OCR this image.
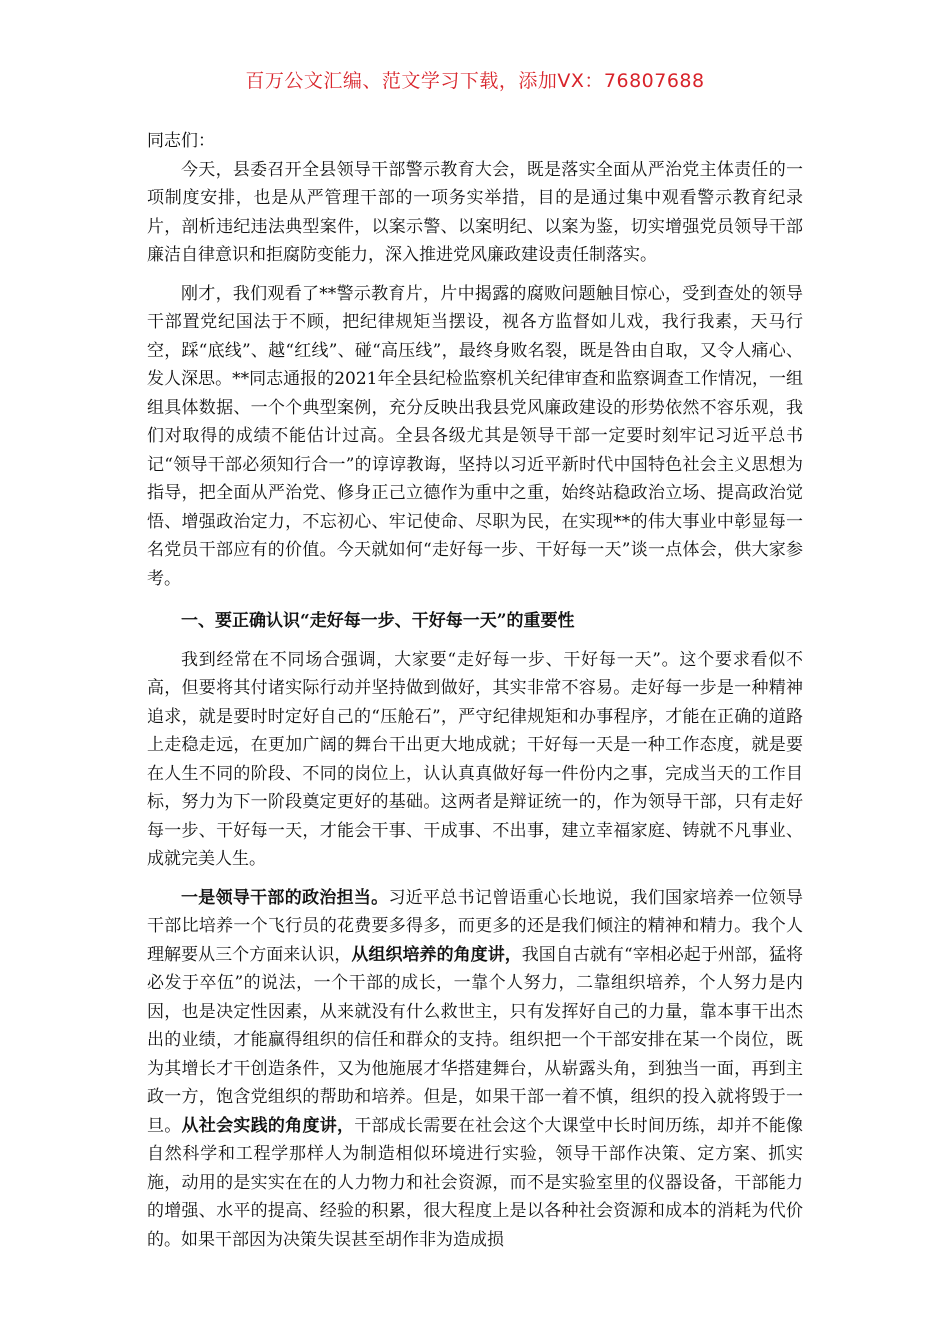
百万公文汇编、范文学习下载，添加VX：76807688

同志们：

今天，县委召开全县领导干部警示教育大会，既是落实全面从严治党主体责任的一项制度安排，也是从严管理干部的一项务实举措，目的是通过集中观看警示教育纪录片，剖析违纪违法典型案件，以案示警、以案明纪、以案为鉴，切实增强党员领导干部廉洁自律意识和拒腐防变能力，深入推进党风廉政建设责任制落实。

刚才，我们观看了**警示教育片，片中揭露的腐败问题触目惊心，受到查处的领导干部置党纪国法于不顾，把纪律规矩当摆设，视各方监督如儿戏，我行我素，天马行空，踩“底线”、越“红线”、碰“高压线”，最终身败名裂，既是咎由自取，又令人痛心、发人深思。**同志通报的2021年全县纪检监察机关纪律审查和监察调查工作情况，一组组具体数据、一个个典型案例，充分反映出我县党风廉政建设的形势依然不容乐观，我们对取得的成绩不能估计过高。全县各级尤其是领导干部一定要时刻牢记习近平总书记“领导干部必须知行合一”的谆谆教诲，坚持以习近平新时代中国特色社会主义思想为指导，把全面从严治党、修身正己立德作为重中之重，始终站稳政治立场、提高政治觉悟、增强政治定力，不忘初心、牢记使命、尽职为民，在实现**的伟大事业中彰显每一名党员干部应有的价值。今天就如何“走好每一步、干好每一天”谈一点体会，供大家参考。

一、要正确认识“走好每一步、干好每一天”的重要性

我到经常在不同场合强调，大家要“走好每一步、干好每一天”。这个要求看似不高，但要将其付诸实际行动并坚持做到做好，其实非常不容易。走好每一步是一种精神追求，就是要时时定好自己的“压舱石”，严守纪律规矩和办事程序，才能在正确的道路上走稳走远，在更加广阔的舞台干出更大地成就；干好每一天是一种工作态度，就是要在人生不同的阶段、不同的岗位上，认认真真做好每一件份内之事，完成当天的工作目标，努力为下一阶段奠定更好的基础。这两者是辩证统一的，作为领导干部，只有走好每一步、干好每一天，才能会干事、干成事、不出事，建立幸福家庭、铸就不凡事业、成就完美人生。

一是领导干部的政治担当。习近平总书记曾语重心长地说，我们国家培养一位领导干部比培养一个飞行员的花费要多得多，而更多的还是我们倾注的精神和精力。我个人理解要从三个方面来认识，从组织培养的角度讲，我国自古就有“宰相必起于州部，猛将必发于卒伍”的说法，一个干部的成长，一靠个人努力，二靠组织培养，个人努力是内因，也是决定性因素，从来就没有什么救世主，只有发挥好自己的力量，靠本事干出杰出的业绩，才能赢得组织的信任和群众的支持。组织把一个干部安排在某一个岗位，既为其增长才干创造条件，又为他施展才华搭建舞台，从崭露头角，到独当一面，再到主政一方，饱含党组织的帮助和培养。但是，如果干部一着不慎，组织的投入就将毁于一旦。从社会实践的角度讲，干部成长需要在社会这个大课堂中长时间历练，却并不能像自然科学和工程学那样人为制造相似环境进行实验，领导干部作决策、定方案、抓实施，动用的是实实在在的人力物力和社会资源，而不是实验室里的仪器设备，干部能力的增强、水平的提高、经验的积累，很大程度上是以各种社会资源和成本的消耗为代价的。如果干部因为决策失误甚至胡作非为造成损
